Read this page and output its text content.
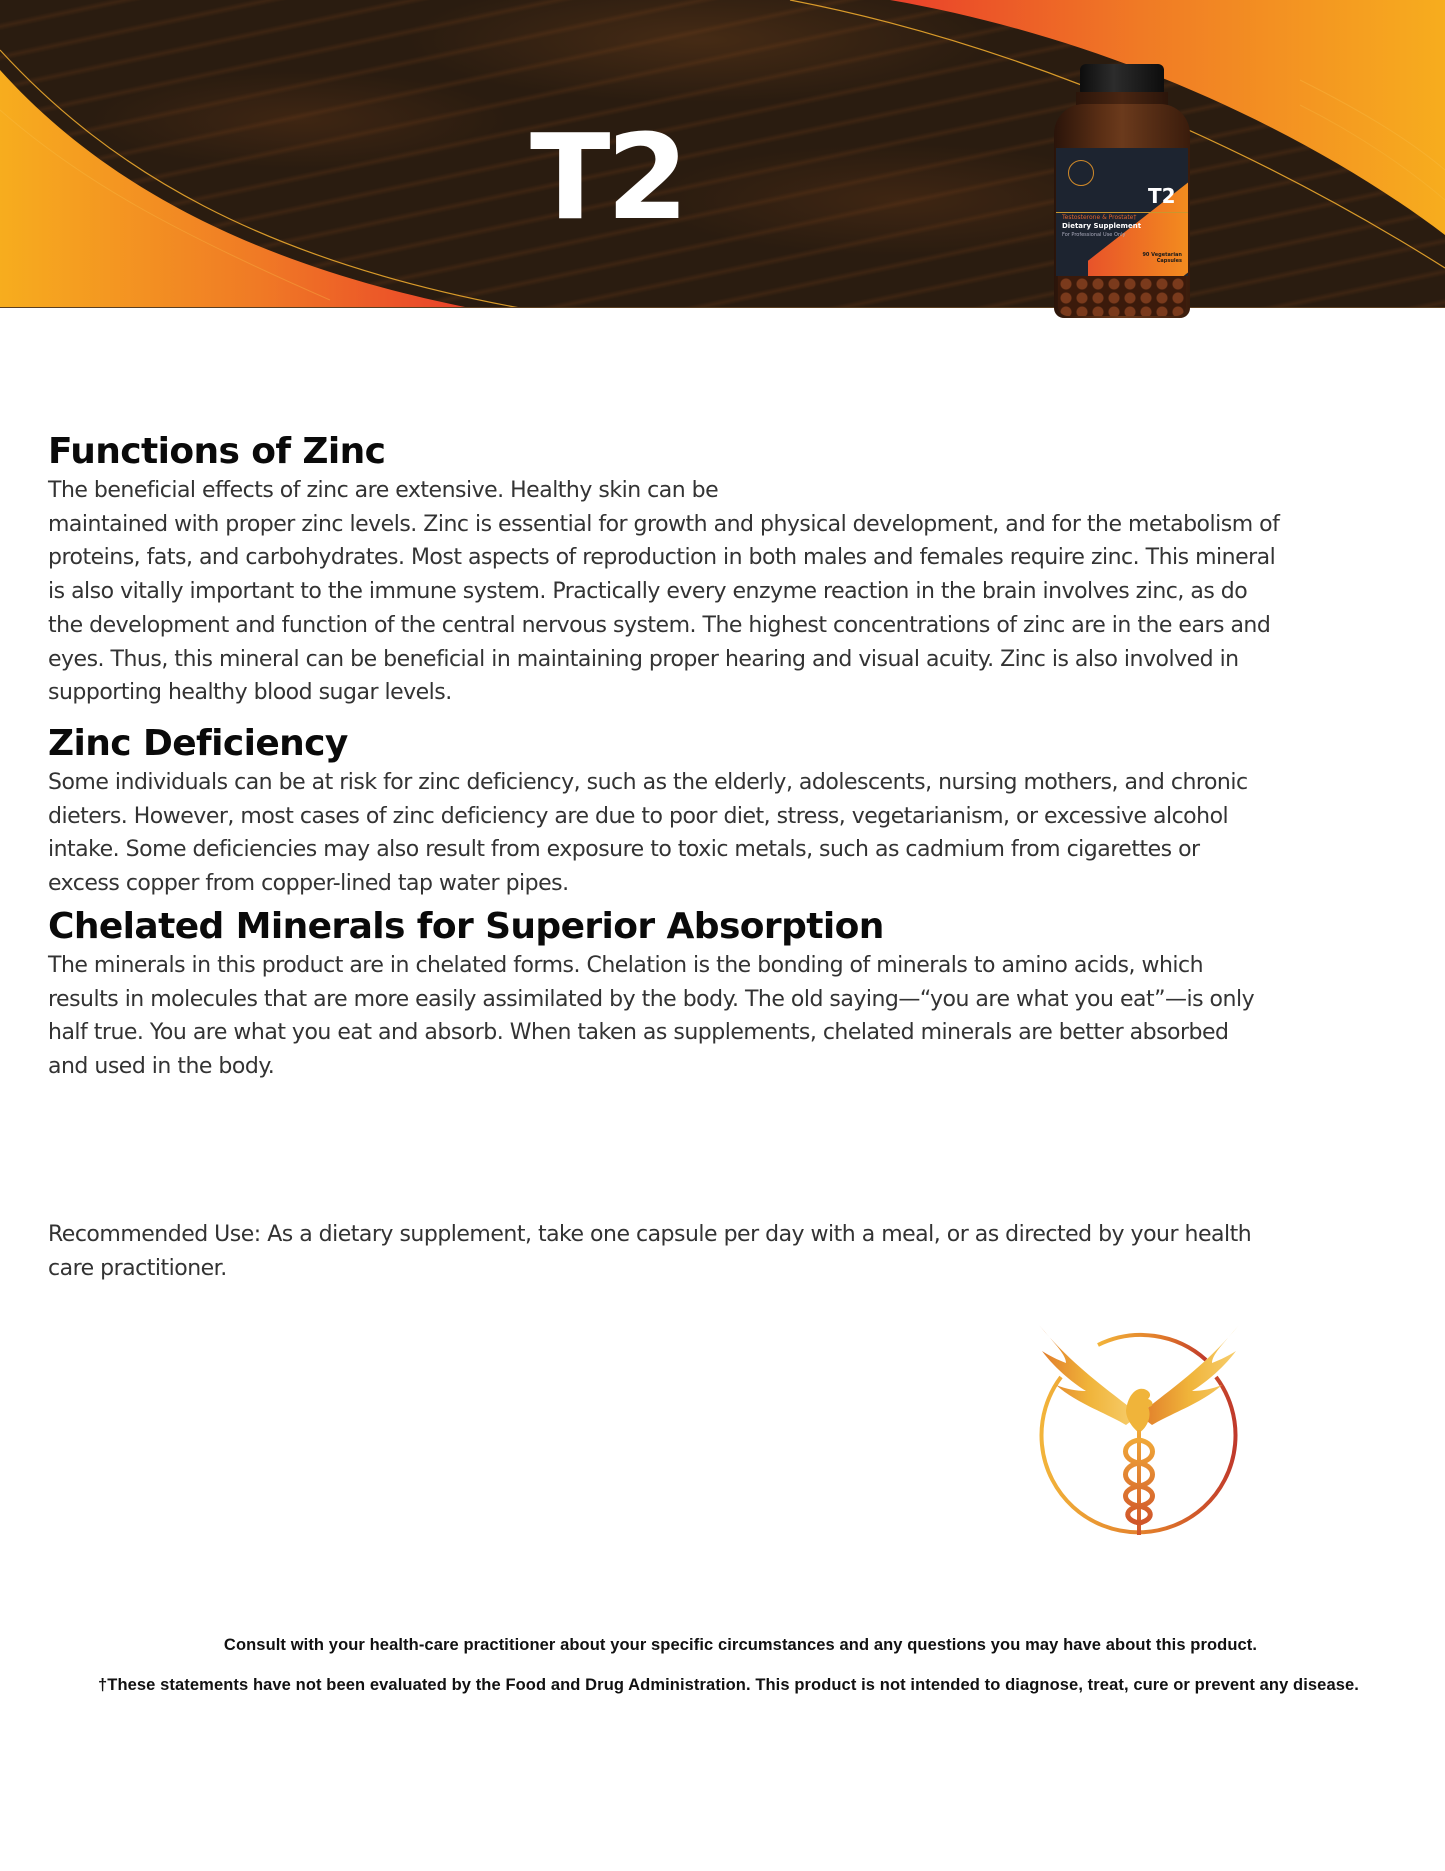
T2	T2
Testosterone & Prostate†
Dietary Supplement
For Professional Use Only
90 Vegetarian Capsules
Functions of Zinc

The beneficial effects of zinc are extensive. Healthy skin can be
maintained with proper zinc levels. Zinc is essential for growth and physical development, and for the metabolism of
proteins, fats, and carbohydrates. Most aspects of reproduction in both males and females require zinc. This mineral
is also vitally important to the immune system. Practically every enzyme reaction in the brain involves zinc, as do
the development and function of the central nervous system. The highest concentrations of zinc are in the ears and
eyes. Thus, this mineral can be beneficial in maintaining proper hearing and visual acuity. Zinc is also involved in
supporting healthy blood sugar levels.

Zinc Deficiency

Some individuals can be at risk for zinc deficiency, such as the elderly, adolescents, nursing mothers, and chronic
dieters. However, most cases of zinc deficiency are due to poor diet, stress, vegetarianism, or excessive alcohol
intake. Some deficiencies may also result from exposure to toxic metals, such as cadmium from cigarettes or
excess copper from copper-lined tap water pipes.

Chelated Minerals for Superior Absorption

The minerals in this product are in chelated forms. Chelation is the bonding of minerals to amino acids, which
results in molecules that are more easily assimilated by the body. The old saying—“you are what you eat”—is only
half true. You are what you eat and absorb. When taken as supplements, chelated minerals are better absorbed
and used in the body.

Recommended Use: As a dietary supplement, take one capsule per day with a meal, or as directed by your health
care practitioner.

Consult with your health-care practitioner about your specific circumstances and any questions you may have about this product.
†These statements have not been evaluated by the Food and Drug Administration. This product is not intended to diagnose, treat, cure or prevent any disease.
